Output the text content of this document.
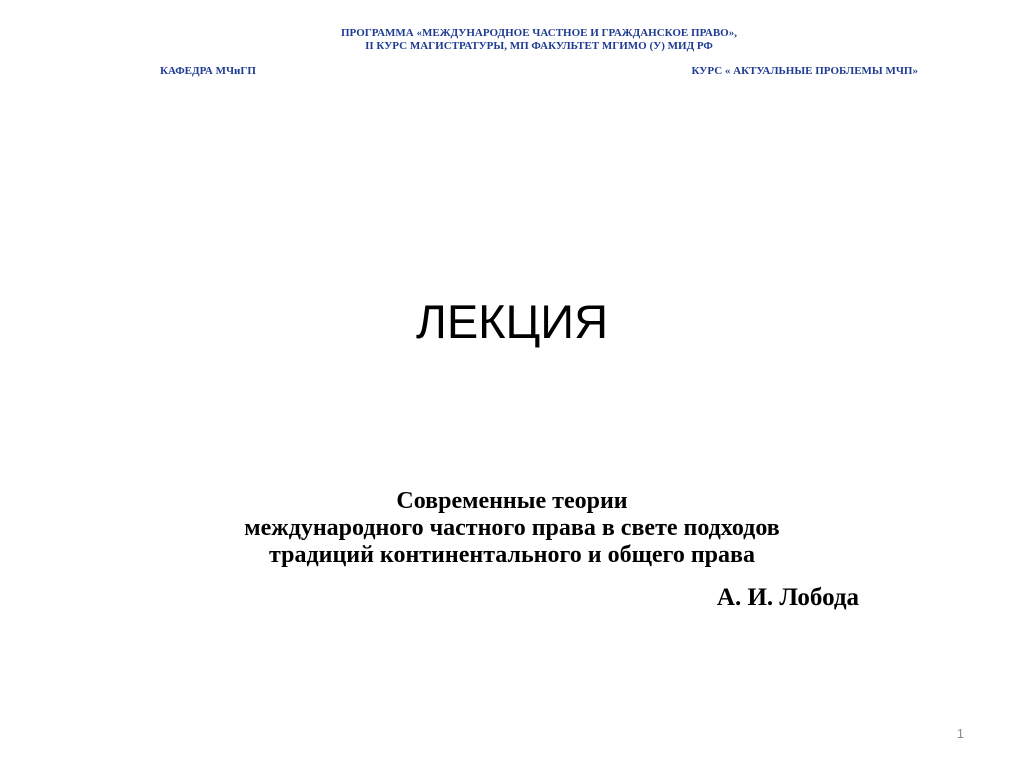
ПРОГРАММА «МЕЖДУНАРОДНОЕ ЧАСТНОЕ И ГРАЖДАНСКОЕ ПРАВО»,
II КУРС МАГИСТРАТУРЫ, МП ФАКУЛЬТЕТ МГИМО (У) МИД РФ
КАФЕДРА МЧиГП	КУРС « АКТУАЛЬНЫЕ ПРОБЛЕМЫ МЧП»
ЛЕКЦИЯ
Современные теории
международного частного права в свете подходов
традиций континентального и общего права
А. И. Лобода
1
